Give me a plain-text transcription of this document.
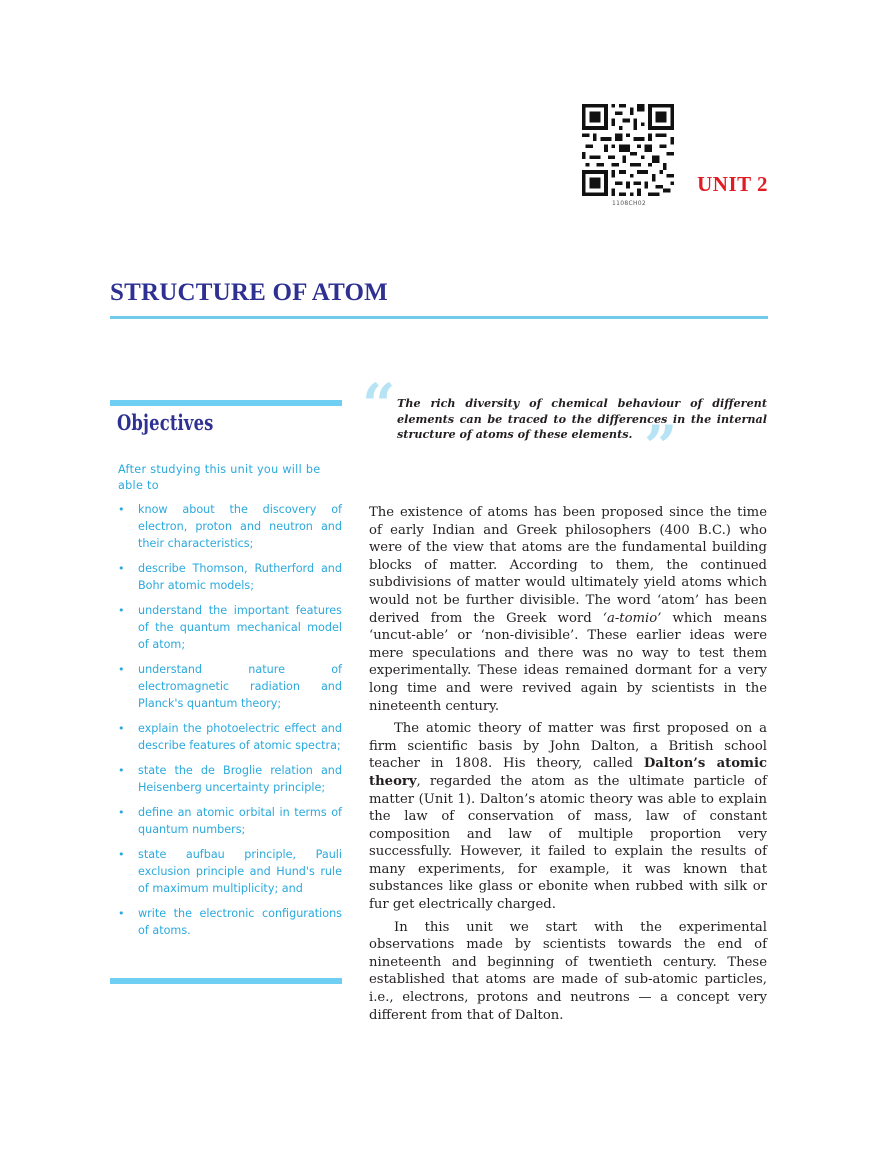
1108CH02
UNIT 2
STRUCTURE OF ATOM
Objectives

After studying this unit you will be able to

• know about the discovery of electron, proton and neutron and their characteristics;
• describe Thomson, Rutherford and Bohr atomic models;
• understand the important features of the quantum mechanical model of atom;
• understand nature of electromagnetic radiation and Planck's quantum theory;
• explain the photoelectric effect and describe features of atomic spectra;
• state the de Broglie relation and Heisenberg uncertainty principle;
• define an atomic orbital in terms of quantum numbers;
• state aufbau principle, Pauli exclusion principle and Hund's rule of maximum multiplicity; and
• write the electronic configurations of atoms.
“ The rich diversity of chemical behaviour of different elements can be traced to the differences in the internal structure of atoms of these elements. ”

The existence of atoms has been proposed since the time of early Indian and Greek philosophers (400 B.C.) who were of the view that atoms are the fundamental building blocks of matter. According to them, the continued subdivisions of matter would ultimately yield atoms which would not be further divisible. The word ‘atom’ has been derived from the Greek word ‘a-tomio’ which means ‘uncut-able’ or ‘non-divisible’. These earlier ideas were mere speculations and there was no way to test them experimentally. These ideas remained dormant for a very long time and were revived again by scientists in the nineteenth century.

The atomic theory of matter was first proposed on a firm scientific basis by John Dalton, a British school teacher in 1808. His theory, called Dalton’s atomic theory, regarded the atom as the ultimate particle of matter (Unit 1). Dalton’s atomic theory was able to explain the law of conservation of mass, law of constant composition and law of multiple proportion very successfully. However, it failed to explain the results of many experiments, for example, it was known that substances like glass or ebonite when rubbed with silk or fur get electrically charged.

In this unit we start with the experimental observations made by scientists towards the end of nineteenth and beginning of twentieth century. These established that atoms are made of sub-atomic particles, i.e., electrons, protons and neutrons — a concept very different from that of Dalton.
